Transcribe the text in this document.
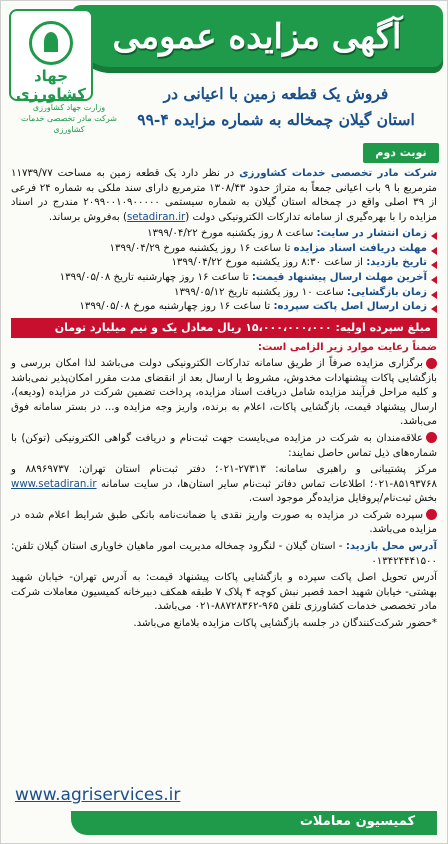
آگهی مزایده عمومی
جهاد کشاورزی
وزارت جهاد کشاورزی
شرکت مادر تخصصی خدمات کشاورزی
فروش یک قطعه زمین با اعیانی در
استان گیلان چمخاله به شماره مزایده ۴-۹۹
نوبت دوم

شرکت مادر تخصصی خدمات کشاورزی در نظر دارد یک قطعه زمین به مساحت ۱۱۷۳۹/۷۷ مترمربع با ۹ باب اعیانی جمعاً به متراژ حدود ۱۳۰۸/۴۳ مترمربع دارای سند ملکی به شماره ۲۴ فرعی از ۳۹ اصلی واقع در چمخاله استان گیلان به شماره سیستمی ۲۰۹۹۰۰۱۰۹۰۰۰۰۰ مندرج در اسناد مزایده را با بهره‌گیری از سامانه تدارکات الکترونیکی دولت (setadiran.ir) به‌فروش برساند.

زمان انتشار در سایت: ساعت ۸ روز یکشنبه مورخ ۱۳۹۹/۰۴/۲۲
مهلت دریافت اسناد مزایده تا ساعت ۱۶ روز یکشنبه مورخ ۱۳۹۹/۰۴/۲۹
تاریخ بازدید: از ساعت ۸:۳۰ روز یکشنبه مورخ ۱۳۹۹/۰۴/۲۲
آخرین مهلت ارسال پیشنهاد قیمت: تا ساعت ۱۶ روز چهارشنبه تاریخ ۱۳۹۹/۰۵/۰۸
زمان بازگشایی: ساعت ۱۰ روز یکشنبه تاریخ ۱۳۹۹/۰۵/۱۲
زمان ارسال اصل پاکت سپرده: تا ساعت ۱۶ روز چهارشنبه مورخ ۱۳۹۹/۰۵/۰۸
مبلغ سپرده اولیه: ۱۵،۰۰۰،۰۰۰،۰۰۰ ریال معادل یک و نیم میلیارد تومان
ضمناً رعایت موارد زیر الزامی است:

برگزاری مزایده صرفاً از طریق سامانه تدارکات الکترونیکی دولت می‌باشد لذا امکان بررسی و بازگشایی پاکات پیشنهادات مخدوش، مشروط یا ارسال بعد از انقضای مدت مقرر امکان‌پذیر نمی‌باشد و کلیه مراحل فرآیند مزایده شامل دریافت اسناد مزایده، پرداخت تضمین شرکت در مزایده (ودیعه)، ارسال پیشنهاد قیمت، بازگشایی پاکات، اعلام به برنده، واریز وجه مزایده و... در بستر سامانه فوق می‌باشد.

علاقه‌مندان به شرکت در مزایده می‌بایست جهت ثبت‌نام و دریافت گواهی الکترونیکی (توکن) با شماره‌های ذیل تماس حاصل نمایند:

مرکز پشتیبانی و راهبری سامانه: ۲۷۳۱۳-۰۲۱؛ دفتر ثبت‌نام استان تهران: ۸۸۹۶۹۷۳۷ و ۸۵۱۹۳۷۶۸-۰۲۱؛ اطلاعات تماس دفاتر ثبت‌نام سایر استان‌ها، در سایت سامانه www.setadiran.ir بخش ثبت‌نام/پروفایل مزایده‌گر موجود است.

سپرده شرکت در مزایده به صورت واریز نقدی یا ضمانت‌نامه بانکی طبق شرایط اعلام شده در مزایده می‌باشد.

آدرس محل بازدید: - استان گیلان - لنگرود چمخاله مدیریت امور ماهیان خاویاری استان گیلان تلفن: ۰۱۳۴۲۴۴۴۱۵۰۰

آدرس تحویل اصل پاکت سپرده و بازگشایی پاکات پیشنهاد قیمت: به آدرس تهران- خیابان شهید بهشتی- خیابان شهید احمد قصیر نبش کوچه ۴ پلاک ۷ طبقه همکف دبیرخانه کمیسیون معاملات شرکت مادر تخصصی خدمات کشاورزی تلفن ۹۶۵-۸۸۷۲۸۳۶۲-۰۲۱ می‌باشد.

*حضور شرکت‌کنندگان در جلسه بازگشایی پاکات مزایده بلامانع می‌باشد.

www.agriservices.ir
کمیسیون معاملات
